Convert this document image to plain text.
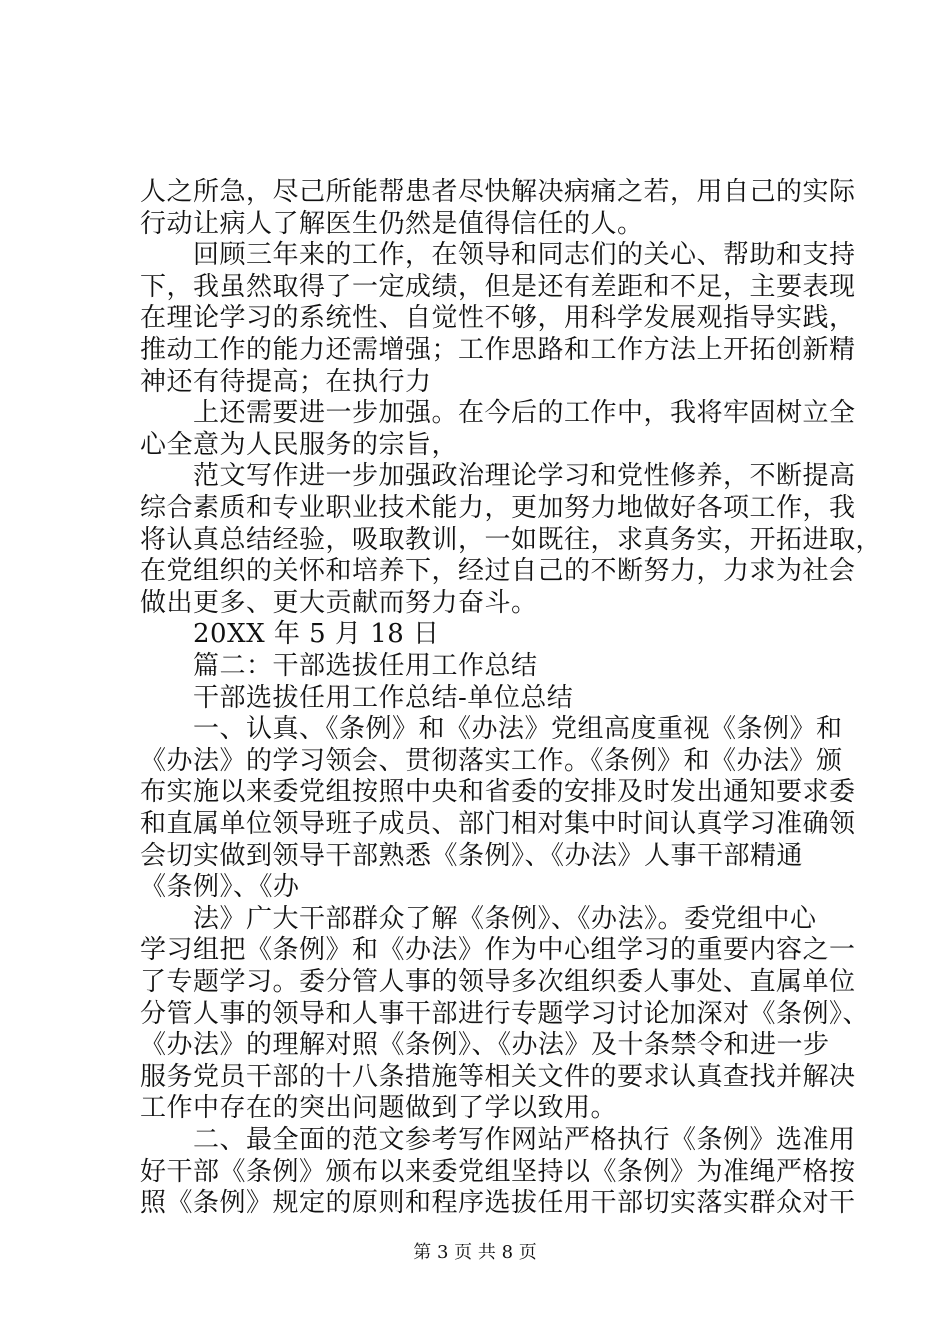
人之所急，尽己所能帮患者尽快解决病痛之若，用自己的实际
行动让病人了解医生仍然是值得信任的人。
　　回顾三年来的工作，在领导和同志们的关心、帮助和支持
下，我虽然取得了一定成绩，但是还有差距和不足，主要表现
在理论学习的系统性、自觉性不够，用科学发展观指导实践，
推动工作的能力还需增强；工作思路和工作方法上开拓创新精
神还有待提高；在执行力
　　上还需要进一步加强。在今后的工作中，我将牢固树立全
心全意为人民服务的宗旨，
　　范文写作进一步加强政治理论学习和党性修养，不断提高
综合素质和专业职业技术能力，更加努力地做好各项工作，我
将认真总结经验，吸取教训，一如既往，求真务实，开拓进取，
在党组织的关怀和培养下，经过自己的不断努力，力求为社会
做出更多、更大贡献而努力奋斗。
　　20XX 年 5 月 18 日
　　篇二：干部选拔任用工作总结
　　干部选拔任用工作总结-单位总结
　　一、认真、《条例》和《办法》党组高度重视《条例》和
《办法》的学习领会、贯彻落实工作。《条例》和《办法》颁
布实施以来委党组按照中央和省委的安排及时发出通知要求委
和直属单位领导班子成员、部门相对集中时间认真学习准确领
会切实做到领导干部熟悉《条例》、《办法》人事干部精通
《条例》、《办
　　法》广大干部群众了解《条例》、《办法》。委党组中心
学习组把《条例》和《办法》作为中心组学习的重要内容之一
了专题学习。委分管人事的领导多次组织委人事处、直属单位
分管人事的领导和人事干部进行专题学习讨论加深对《条例》、
《办法》的理解对照《条例》、《办法》及十条禁令和进一步
服务党员干部的十八条措施等相关文件的要求认真查找并解决
工作中存在的突出问题做到了学以致用。
　　二、最全面的范文参考写作网站严格执行《条例》选准用
好干部《条例》颁布以来委党组坚持以《条例》为准绳严格按
照《条例》规定的原则和程序选拔任用干部切实落实群众对干
第 3 页 共 8 页
